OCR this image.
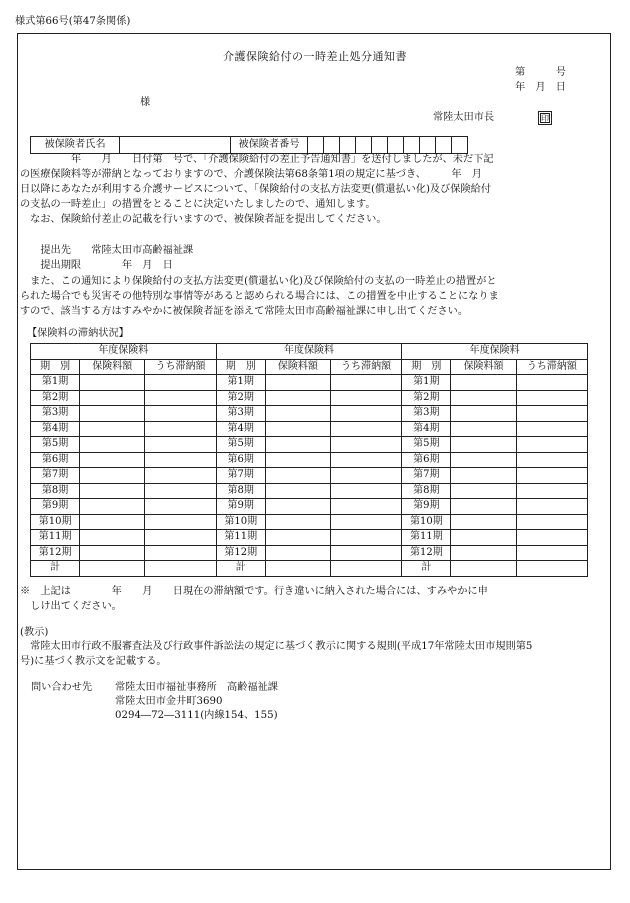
様式第66号(第47条関係)
介護保険給付の一時差止処分通知書
第　　　号
年　月　日
様
常陸太田市長	印
被保険者氏名		被保険者番号										
　　　　　年　　月　　日付第　号で、「介護保険給付の差止予告通知書」を送付しましたが、未だ下記
の医療保険料等が滞納となっておりますので、介護保険法第68条第1項の規定に基づき、　　　年　月
日以降にあなたが利用する介護サービスについて、「保険給付の支払方法変更(償還払い化)及び保険給付
の支払の一時差止」の措置をとることに決定いたしましたので、通知します。
　なお、保険給付差止の記載を行いますので、被保険者証を提出してください。
　　提出先　　常陸太田市高齢福祉課
　　提出期限　　　　年　月　日
　また、この通知により保険給付の支払方法変更(償還払い化)及び保険給付の支払の一時差止の措置がと
られた場合でも災害その他特別な事情等があると認められる場合には、この措置を中止することになりま
すので、該当する方はすみやかに被保険者証を添えて常陸太田市高齢福祉課に申し出てください。
【保険料の滞納状況】
年度保険料			年度保険料			年度保険料		
期　別	保険料額	うち滞納額	期　別	保険料額	うち滞納額	期　別	保険料額	うち滞納額
第1期			第1期			第1期		
第2期			第2期			第2期		
第3期			第3期			第3期		
第4期			第4期			第4期		
第5期			第5期			第5期		
第6期			第6期			第6期		
第7期			第7期			第7期		
第8期			第8期			第8期		
第9期			第9期			第9期		
第10期			第10期			第10期		
第11期			第11期			第11期		
第12期			第12期			第12期		
計			計			計		
※　上記は　　　　年　　月　　日現在の滞納額です。行き違いに納入された場合には、すみやかに申
　しけ出てください。
(教示)
　常陸太田市行政不服審査法及び行政事件訴訟法の規定に基づく教示に関する規則(平成17年常陸太田市規則第5
号)に基づく教示文を記載する。
問い合わせ先 常陸太田市福祉事務所　高齢福祉課
常陸太田市金井町3690
0294―72―3111(内線154、155)
